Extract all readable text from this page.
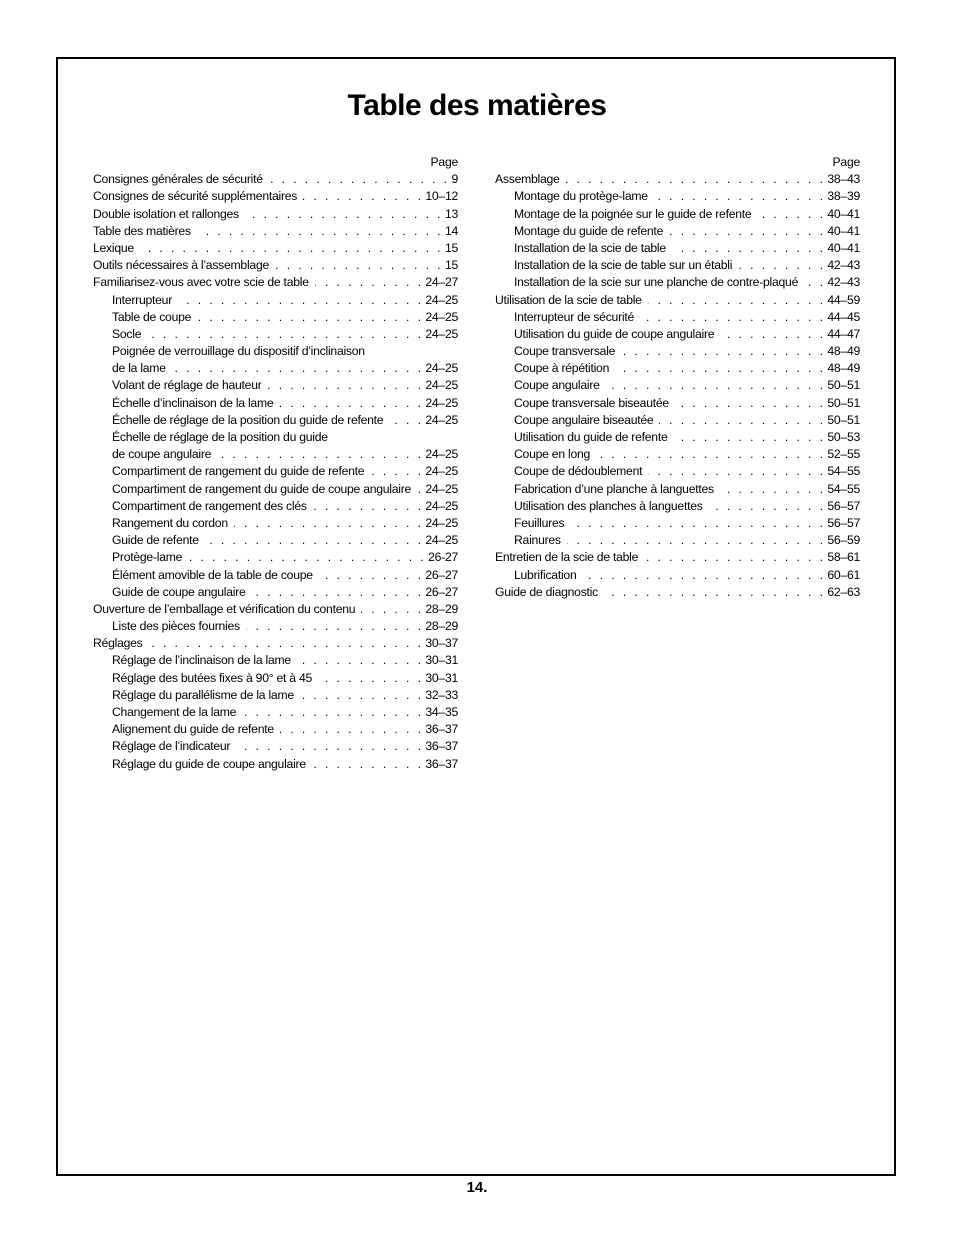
Table des matières
Page
Consignes générales de sécurité . . .	9
Consignes de sécurité supplémentaires . . .	10–12
Double isolation et rallonges . . .	13
Table des matières . . .	14
Lexique . . .	15
Outils nécessaires à l’assemblage . . .	15
Familiarisez-vous avec votre scie de table . . .	24–27
Interrupteur . . .	24–25
Table de coupe . . .	24–25
Socle . . .	24–25
Poignée de verrouillage du dispositif d’inclinaison
de la lame . . .	24–25
Volant de réglage de hauteur . . .	24–25
Échelle d’inclinaison de la lame . . .	24–25
Échelle de réglage de la position du guide de refente . . .	24–25
Échelle de réglage de la position du guide
de coupe angulaire . . .	24–25
Compartiment de rangement du guide de refente . . .	24–25
Compartiment de rangement du guide de coupe angulaire . . . 24–25
Compartiment de rangement des clés . . .	24–25
Rangement du cordon . . .	24–25
Guide de refente . . .	24–25
Protège-lame . . .	26-27
Élément amovible de la table de coupe . . .	26–27
Guide de coupe angulaire . . .	26–27
Ouverture de l’emballage et vérification du contenu . . .	28–29
Liste des pièces fournies . . .	28–29
Réglages . . .	30–37
Réglage de l’inclinaison de la lame . . .	30–31
Réglage des butées fixes à 90° et à 45 . . .	30–31
Réglage du parallélisme de la lame . . .	32–33
Changement de la lame . . .	34–35
Alignement du guide de refente . . .	36–37
Réglage de l’indicateur . . .	36–37
Réglage du guide de coupe angulaire . . .	36–37
Page
Assemblage . . .	38–43
Montage du protège-lame . . .	38–39
Montage de la poignée sur le guide de refente . . .	40–41
Montage du guide de refente . . .	40–41
Installation de la scie de table . . .	40–41
Installation de la scie de table sur un établi . . .	42–43
Installation de la scie sur une planche de contre-plaqué . . . 42–43
Utilisation de la scie de table . . .	44–59
Interrupteur de sécurité . . .	44–45
Utilisation du guide de coupe angulaire . . .	44–47
Coupe transversale . . .	48–49
Coupe à répétition . . .	48–49
Coupe angulaire . . .	50–51
Coupe transversale biseautée . . .	50–51
Coupe angulaire biseautée . . .	50–51
Utilisation du guide de refente . . .	50–53
Coupe en long . . .	52–55
Coupe de dédoublement . . .	54–55
Fabrication d’une planche à languettes . . .	54–55
Utilisation des planches à languettes . . .	56–57
Feuillures . . .	56–57
Rainures . . .	56–59
Entretien de la scie de table . . .	58–61
Lubrification . . .	60–61
Guide de diagnostic . . .	62–63
14.
